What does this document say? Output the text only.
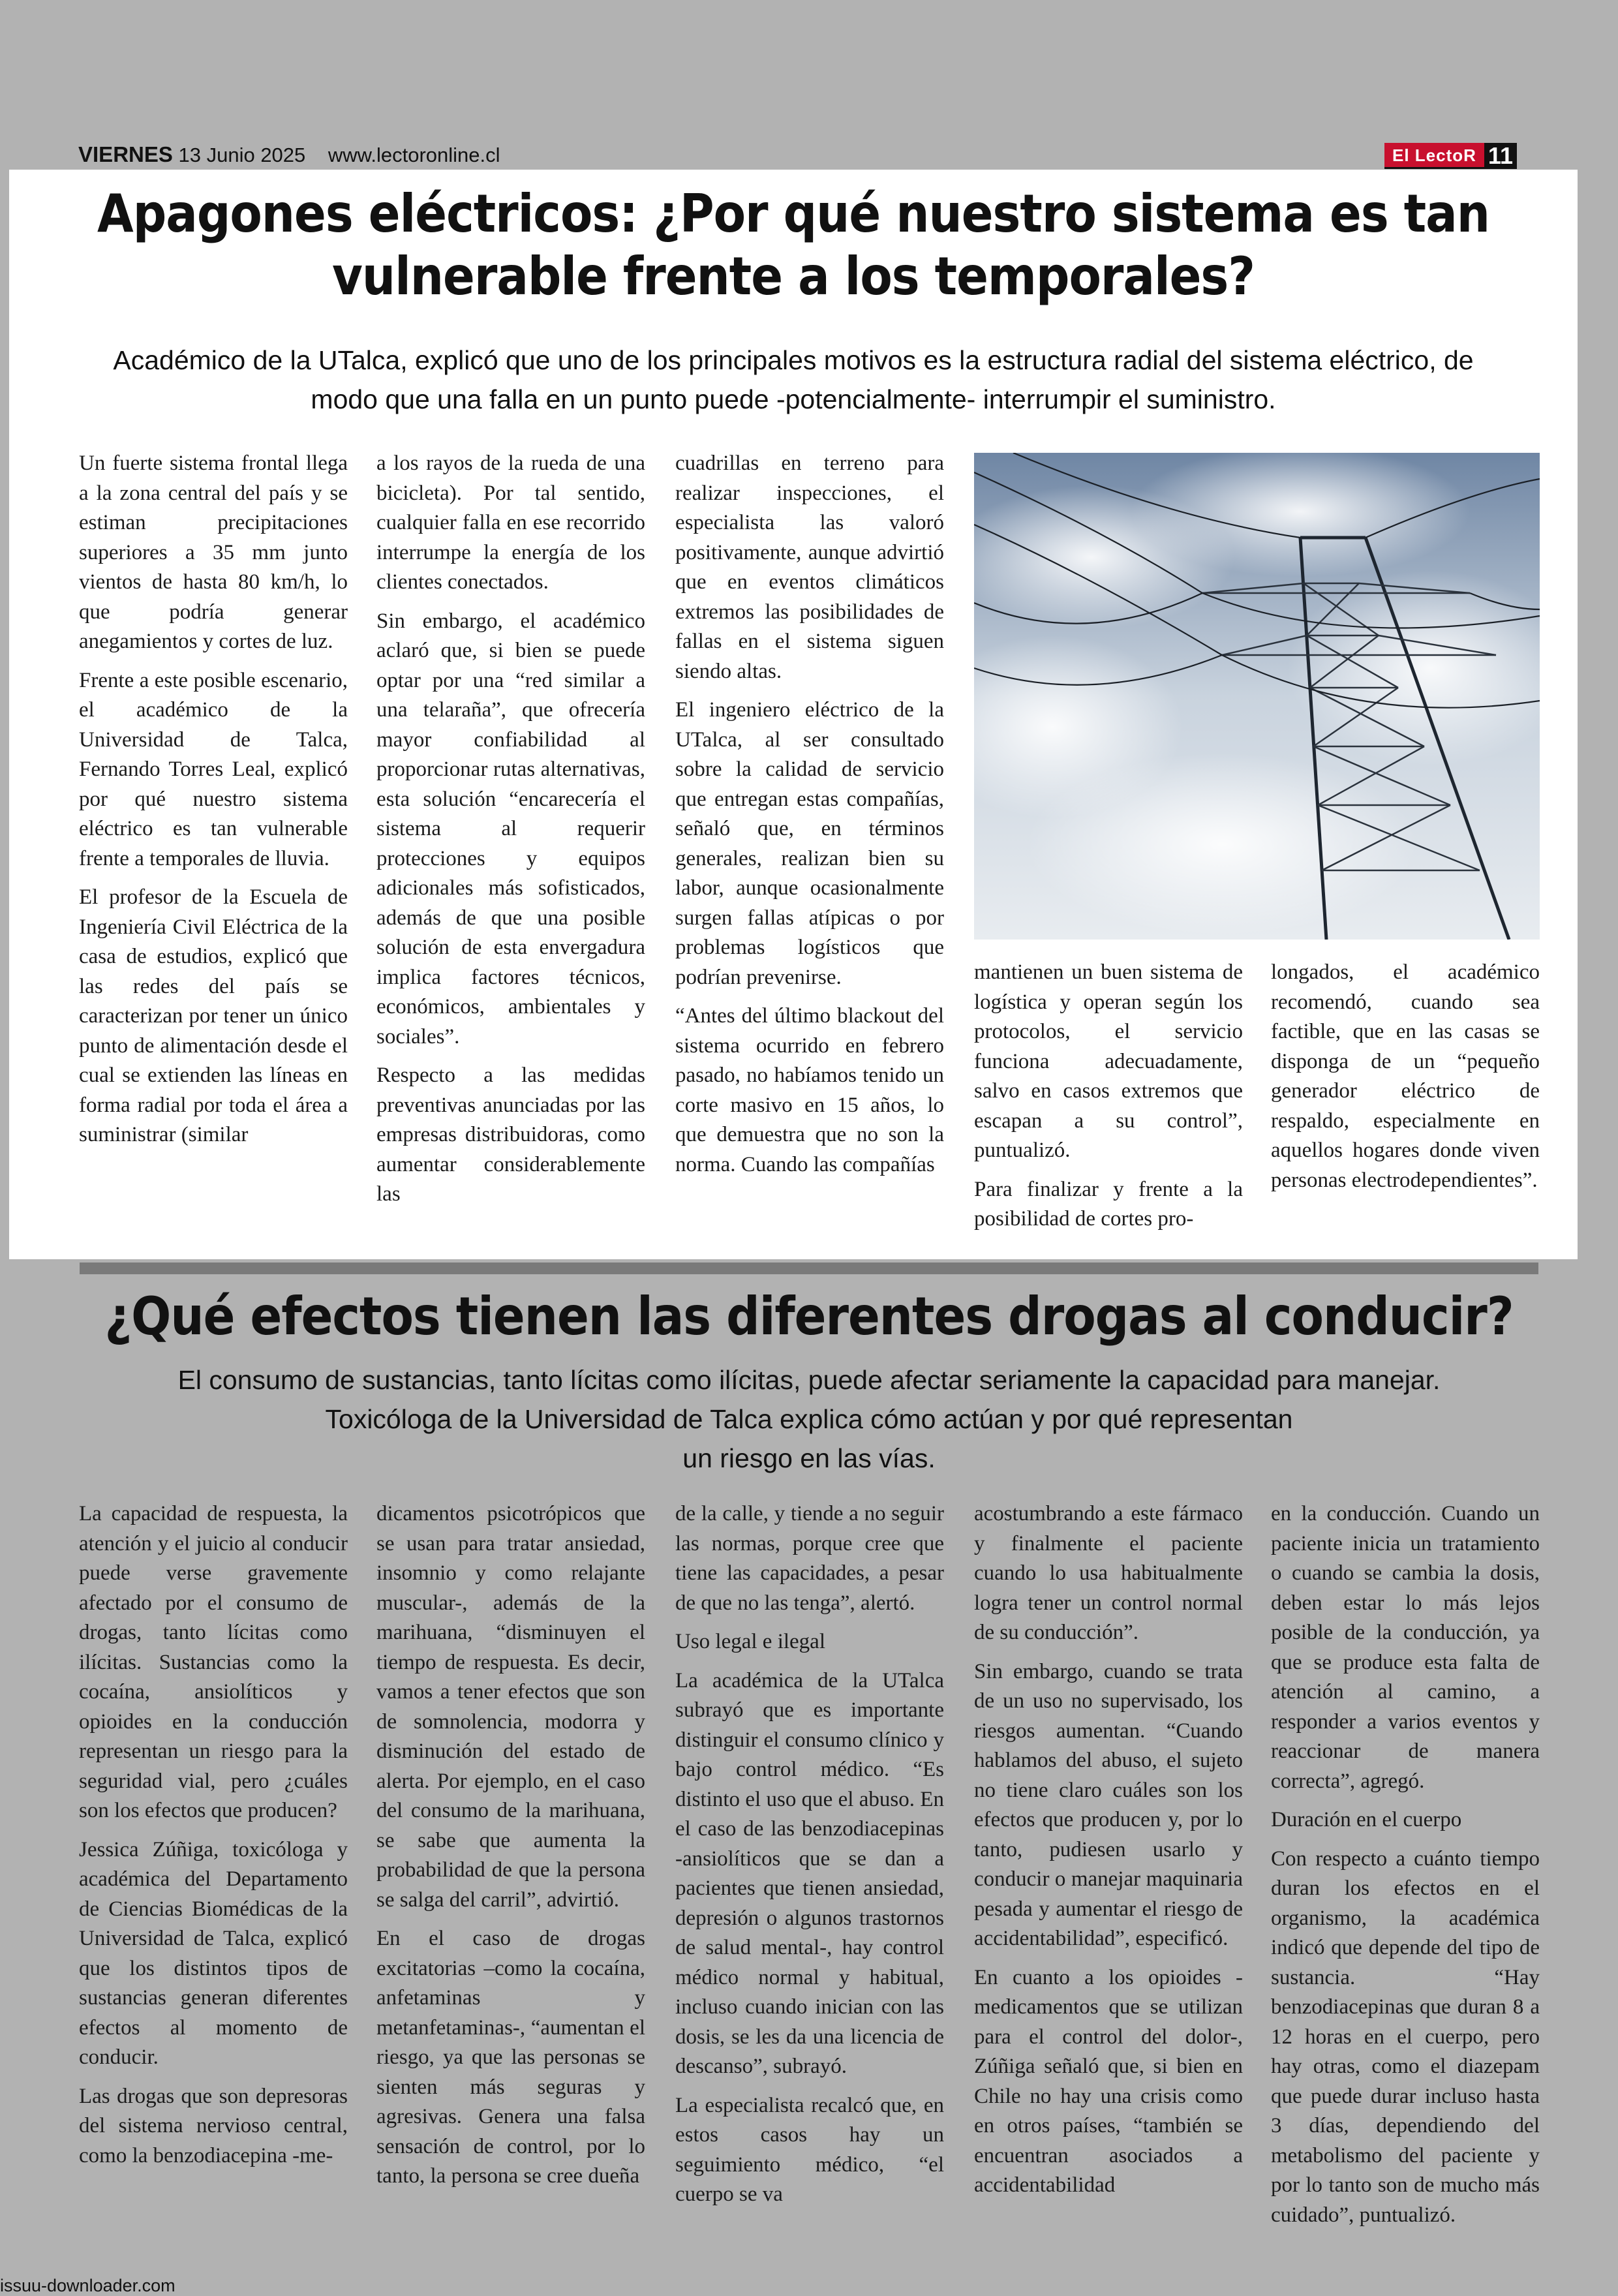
VIERNES 13 Junio 2025 www.lectoronline.cl	El LectoR 11
Apagones eléctricos: ¿Por qué nuestro sistema es tan
vulnerable frente a los temporales?

Académico de la UTalca, explicó que uno de los principales motivos es la estructura radial del sistema eléctrico, de
modo que una falla en un punto puede -potencialmente- interrumpir el suministro.

Un fuerte sistema frontal llega a la zona central del país y se estiman precipitaciones superiores a 35 mm junto vientos de hasta 80 km/h, lo que podría generar anegamientos y cortes de luz.

Frente a este posible escenario, el académico de la Universidad de Talca, Fernando Torres Leal, explicó por qué nuestro sistema eléctrico es tan vulnerable frente a temporales de lluvia.

El profesor de la Escuela de Ingeniería Civil Eléctrica de la casa de estudios, explicó que las redes del país se caracterizan por tener un único punto de alimentación desde el cual se extienden las líneas en forma radial por toda el área a suministrar (similar

a los rayos de la rueda de una bicicleta). Por tal sentido, cualquier falla en ese recorrido interrumpe la energía de los clientes conectados.

Sin embargo, el académico aclaró que, si bien se puede optar por una “red similar a una telaraña”, que ofrecería mayor confiabilidad al proporcionar rutas alternativas, esta solución “encarecería el sistema al requerir protecciones y equipos adicionales más sofisticados, además de que una posible solución de esta envergadura implica factores técnicos, económicos, ambientales y sociales”.

Respecto a las medidas preventivas anunciadas por las empresas distribuidoras, como aumentar considerablemente las

cuadrillas en terreno para realizar inspecciones, el especialista las valoró positivamente, aunque advirtió que en eventos climáticos extremos las posibilidades de fallas en el sistema siguen siendo altas.

El ingeniero eléctrico de la UTalca, al ser consultado sobre la calidad de servicio que entregan estas compañías, señaló que, en términos generales, realizan bien su labor, aunque ocasionalmente surgen fallas atípicas o por problemas logísticos que podrían prevenirse.

“Antes del último blackout del sistema ocurrido en febrero pasado, no habíamos tenido un corte masivo en 15 años, lo que demuestra que no son la norma. Cuando las compañías

mantienen un buen sistema de logística y operan según los protocolos, el servicio funciona adecuadamente, salvo en casos extremos que escapan a su control”, puntualizó.

Para finalizar y frente a la posibilidad de cortes pro-

longados, el académico recomendó, cuando sea factible, que en las casas se disponga de un “pequeño generador eléctrico de respaldo, especialmente en aquellos hogares donde viven personas electrodependientes”.

¿Qué efectos tienen las diferentes drogas al conducir?

El consumo de sustancias, tanto lícitas como ilícitas, puede afectar seriamente la capacidad para manejar.
Toxicóloga de la Universidad de Talca explica cómo actúan y por qué representan
un riesgo en las vías.

La capacidad de respuesta, la atención y el juicio al conducir puede verse gravemente afectado por el consumo de drogas, tanto lícitas como ilícitas. Sustancias como la cocaína, ansiolíticos y opioides en la conducción representan un riesgo para la seguridad vial, pero ¿cuáles son los efectos que producen?

Jessica Zúñiga, toxicóloga y académica del Departamento de Ciencias Biomédicas de la Universidad de Talca, explicó que los distintos tipos de sustancias generan diferentes efectos al momento de conducir.

Las drogas que son depresoras del sistema nervioso central, como la benzodiacepina -me-

dicamentos psicotrópicos que se usan para tratar ansiedad, insomnio y como relajante muscular-, además de la marihuana, “disminuyen el tiempo de respuesta. Es decir, vamos a tener efectos que son de somnolencia, modorra y disminución del estado de alerta. Por ejemplo, en el caso del consumo de la marihuana, se sabe que aumenta la probabilidad de que la persona se salga del carril”, advirtió.

En el caso de drogas excitatorias –como la cocaína, anfetaminas y metanfetaminas-, “aumentan el riesgo, ya que las personas se sienten más seguras y agresivas. Genera una falsa sensación de control, por lo tanto, la persona se cree dueña

de la calle, y tiende a no seguir las normas, porque cree que tiene las capacidades, a pesar de que no las tenga”, alertó.

Uso legal e ilegal

La académica de la UTalca subrayó que es importante distinguir el consumo clínico y bajo control médico. “Es distinto el uso que el abuso. En el caso de las benzodiacepinas -ansiolíticos que se dan a pacientes que tienen ansiedad, depresión o algunos trastornos de salud mental-, hay control médico normal y habitual, incluso cuando inician con las dosis, se les da una licencia de descanso”, subrayó.

La especialista recalcó que, en estos casos hay un seguimiento médico, “el cuerpo se va

acostumbrando a este fármaco y finalmente el paciente cuando lo usa habitualmente logra tener un control normal de su conducción”.

Sin embargo, cuando se trata de un uso no supervisado, los riesgos aumentan. “Cuando hablamos del abuso, el sujeto no tiene claro cuáles son los efectos que producen y, por lo tanto, pudiesen usarlo y conducir o manejar maquinaria pesada y aumentar el riesgo de accidentabilidad”, especificó.

En cuanto a los opioides -medicamentos que se utilizan para el control del dolor-, Zúñiga señaló que, si bien en Chile no hay una crisis como en otros países, “también se encuentran asociados a accidentabilidad

en la conducción. Cuando un paciente inicia un tratamiento o cuando se cambia la dosis, deben estar lo más lejos posible de la conducción, ya que se produce esta falta de atención al camino, a responder a varios eventos y reaccionar de manera correcta”, agregó.

Duración en el cuerpo

Con respecto a cuánto tiempo duran los efectos en el organismo, la académica indicó que depende del tipo de sustancia. “Hay benzodiacepinas que duran 8 a 12 horas en el cuerpo, pero hay otras, como el diazepam que puede durar incluso hasta 3 días, dependiendo del metabolismo del paciente y por lo tanto son de mucho más cuidado”, puntualizó.

issuu-downloader.com
